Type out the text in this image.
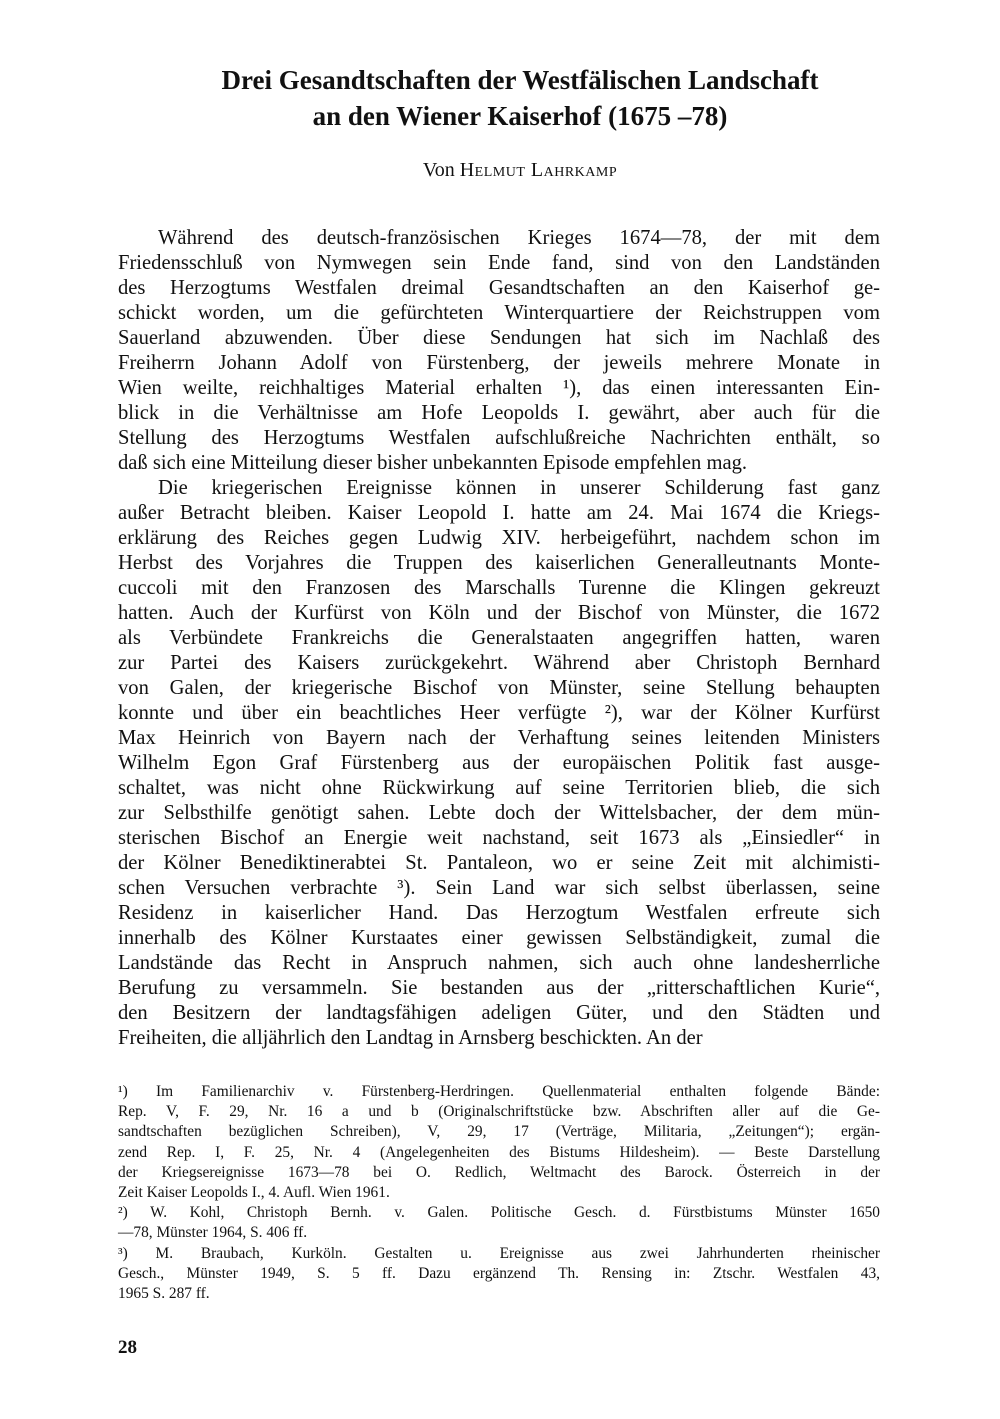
Drei Gesandtschaften der Westfälischen Landschaft
an den Wiener Kaiserhof (1675 –78)
Von Helmut Lahrkamp
Während des deutsch-französischen Krieges 1674—78, der mit dem
Friedensschluß von Nymwegen sein Ende fand, sind von den Landständen
des Herzogtums Westfalen dreimal Gesandtschaften an den Kaiserhof ge-
schickt worden, um die gefürchteten Winterquartiere der Reichstruppen vom
Sauerland abzuwenden. Über diese Sendungen hat sich im Nachlaß des
Freiherrn Johann Adolf von Fürstenberg, der jeweils mehrere Monate in
Wien weilte, reichhaltiges Material erhalten ¹), das einen interessanten Ein-
blick in die Verhältnisse am Hofe Leopolds I. gewährt, aber auch für die
Stellung des Herzogtums Westfalen aufschlußreiche Nachrichten enthält, so
daß sich eine Mitteilung dieser bisher unbekannten Episode empfehlen mag.
Die kriegerischen Ereignisse können in unserer Schilderung fast ganz
außer Betracht bleiben. Kaiser Leopold I. hatte am 24. Mai 1674 die Kriegs-
erklärung des Reiches gegen Ludwig XIV. herbeigeführt, nachdem schon im
Herbst des Vorjahres die Truppen des kaiserlichen Generalleutnants Monte-
cuccoli mit den Franzosen des Marschalls Turenne die Klingen gekreuzt
hatten. Auch der Kurfürst von Köln und der Bischof von Münster, die 1672
als Verbündete Frankreichs die Generalstaaten angegriffen hatten, waren
zur Partei des Kaisers zurückgekehrt. Während aber Christoph Bernhard
von Galen, der kriegerische Bischof von Münster, seine Stellung behaupten
konnte und über ein beachtliches Heer verfügte ²), war der Kölner Kurfürst
Max Heinrich von Bayern nach der Verhaftung seines leitenden Ministers
Wilhelm Egon Graf Fürstenberg aus der europäischen Politik fast ausge-
schaltet, was nicht ohne Rückwirkung auf seine Territorien blieb, die sich
zur Selbsthilfe genötigt sahen. Lebte doch der Wittelsbacher, der dem mün-
sterischen Bischof an Energie weit nachstand, seit 1673 als „Einsiedler“ in
der Kölner Benediktinerabtei St. Pantaleon, wo er seine Zeit mit alchimisti-
schen Versuchen verbrachte ³). Sein Land war sich selbst überlassen, seine
Residenz in kaiserlicher Hand. Das Herzogtum Westfalen erfreute sich
innerhalb des Kölner Kurstaates einer gewissen Selbständigkeit, zumal die
Landstände das Recht in Anspruch nahmen, sich auch ohne landesherrliche
Berufung zu versammeln. Sie bestanden aus der „ritterschaftlichen Kurie“,
den Besitzern der landtagsfähigen adeligen Güter, und den Städten und
Freiheiten, die alljährlich den Landtag in Arnsberg beschickten. An der
¹) Im Familienarchiv v. Fürstenberg-Herdringen. Quellenmaterial enthalten folgende Bände:
Rep. V, F. 29, Nr. 16 a und b (Originalschriftstücke bzw. Abschriften aller auf die Ge-
sandtschaften bezüglichen Schreiben), V, 29, 17 (Verträge, Militaria, „Zeitungen“); ergän-
zend Rep. I, F. 25, Nr. 4 (Angelegenheiten des Bistums Hildesheim). — Beste Darstellung
der Kriegsereignisse 1673—78 bei O. Redlich, Weltmacht des Barock. Österreich in der
Zeit Kaiser Leopolds I., 4. Aufl. Wien 1961.
²) W. Kohl, Christoph Bernh. v. Galen. Politische Gesch. d. Fürstbistums Münster 1650
—78, Münster 1964, S. 406 ff.
³) M. Braubach, Kurköln. Gestalten u. Ereignisse aus zwei Jahrhunderten rheinischer
Gesch., Münster 1949, S. 5 ff. Dazu ergänzend Th. Rensing in: Ztschr. Westfalen 43,
1965 S. 287 ff.
28
